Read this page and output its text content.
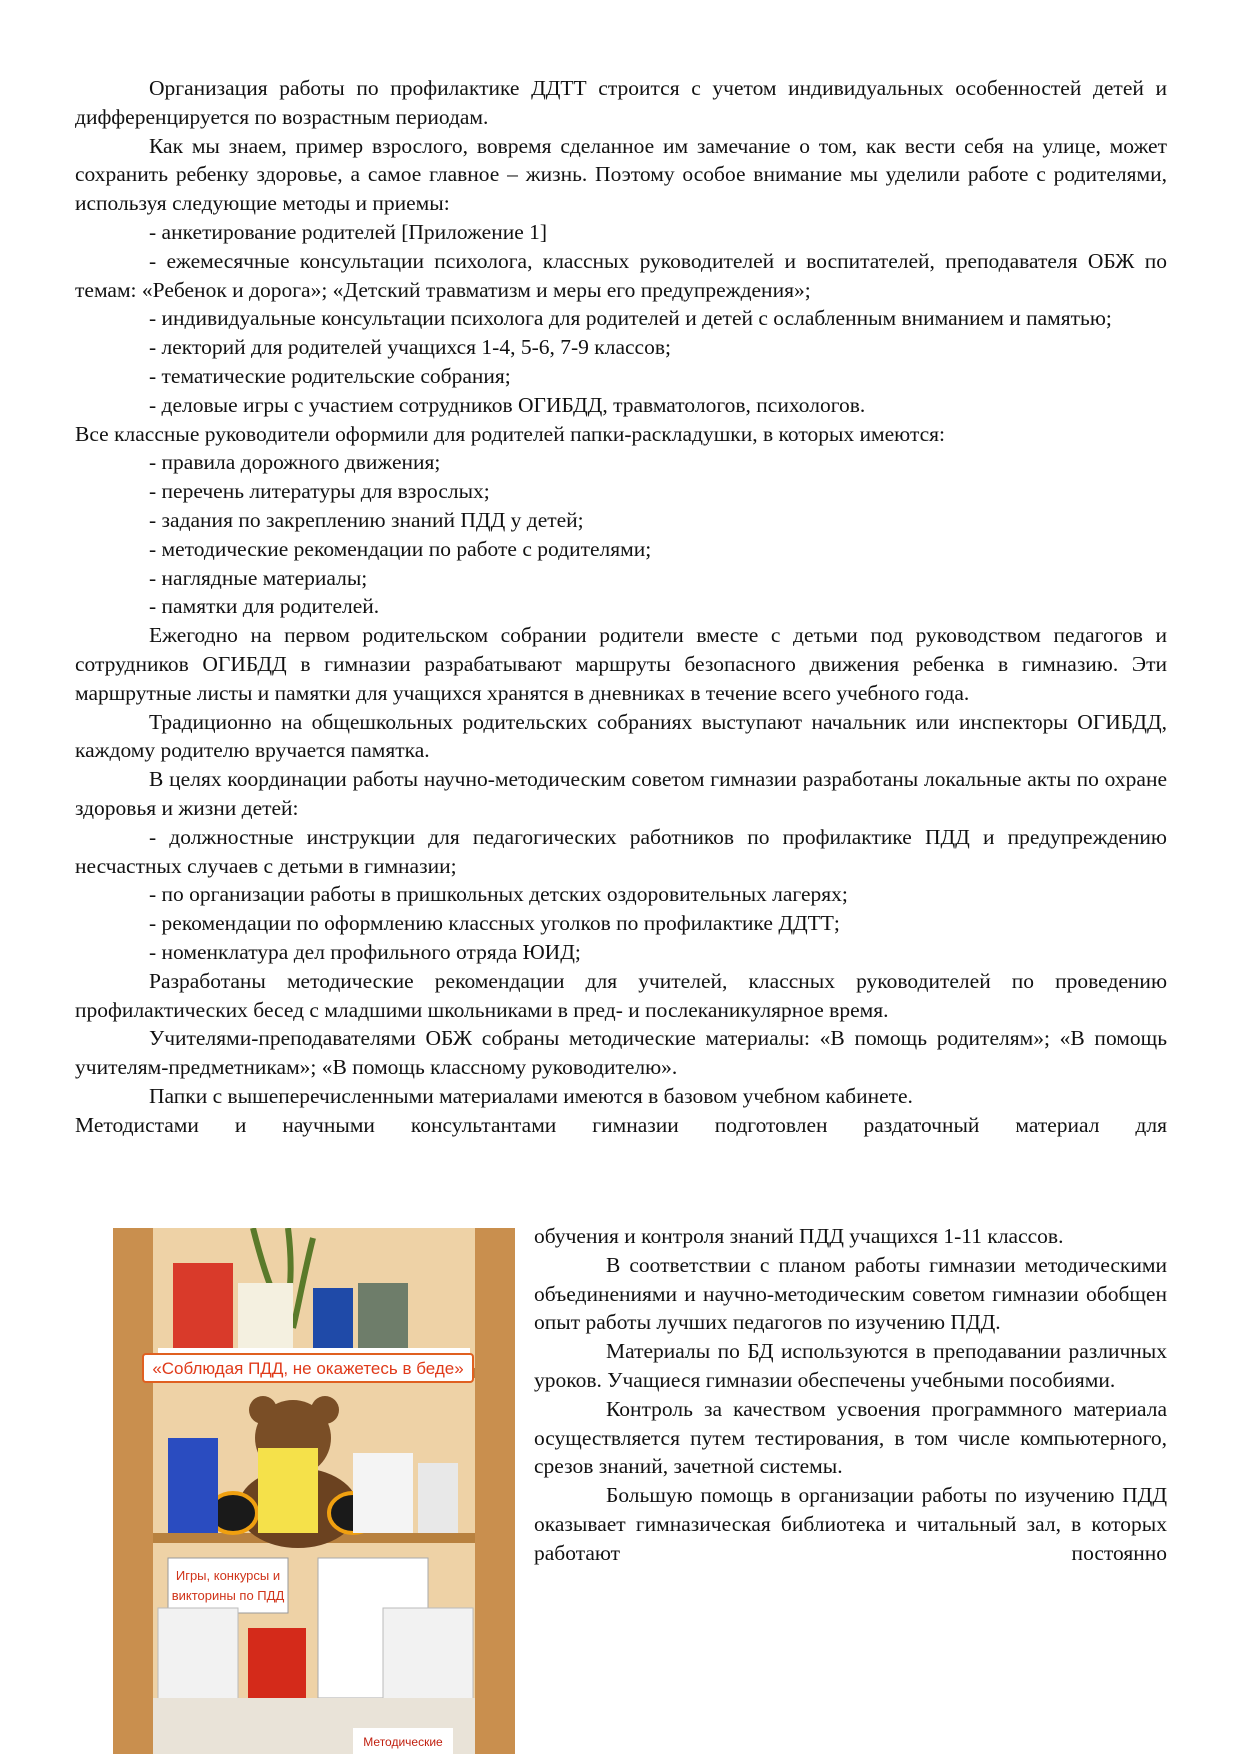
Организация работы по профилактике ДДТТ строится с учетом индивидуальных особенностей детей и дифференцируется по возрастным периодам.

Как мы знаем, пример взрослого, вовремя сделанное им замечание о том, как вести себя на улице, может сохранить ребенку здоровье, а самое главное – жизнь. Поэтому особое внимание мы уделили работе с родителями, используя следующие методы и приемы:

- анкетирование родителей [Приложение 1]

- ежемесячные консультации психолога, классных руководителей и воспитателей, преподавателя ОБЖ по темам: «Ребенок и дорога»; «Детский травматизм и меры его предупреждения»;

- индивидуальные консультации психолога для родителей и детей с ослабленным вниманием и памятью;

- лекторий для родителей учащихся 1-4, 5-6, 7-9 классов;

- тематические родительские собрания;

- деловые игры с участием сотрудников ОГИБДД, травматологов, психологов.

Все классные руководители оформили для родителей папки-раскладушки, в которых имеются:

- правила дорожного движения;

- перечень литературы для взрослых;

- задания по закреплению знаний ПДД у детей;

- методические рекомендации по работе с родителями;

- наглядные материалы;

- памятки для родителей.

Ежегодно на первом родительском собрании родители вместе с детьми под руководством педагогов и сотрудников ОГИБДД в гимназии разрабатывают маршруты безопасного движения ребенка в гимназию. Эти маршрутные листы и памятки для учащихся хранятся в дневниках в течение всего учебного года.

Традиционно на общешкольных родительских собраниях выступают начальник или инспекторы ОГИБДД, каждому родителю вручается памятка.

В целях координации работы научно-методическим советом гимназии разработаны локальные акты по охране здоровья и жизни детей:

- должностные инструкции для педагогических работников по профилактике ПДД и предупреждению несчастных случаев с детьми в гимназии;

- по организации работы в пришкольных детских оздоровительных лагерях;

- рекомендации по оформлению классных уголков по профилактике ДДТТ;

- номенклатура дел профильного отряда ЮИД;

Разработаны методические рекомендации для учителей, классных руководителей по проведению профилактических бесед с младшими школьниками в пред- и послеканикулярное время.

Учителями-преподавателями ОБЖ собраны методические материалы: «В помощь родителям»; «В помощь учителям-предметникам»; «В помощь классному руководителю».

Папки с вышеперечисленными материалами имеются в базовом учебном кабинете.

Методистами и научными консультантами гимназии подготовлен раздаточный материал для

«Соблюдая ПДД, не окажетесь в беде»
Игры, конкурсы и
викторины по ПДД
Методические

обучения и контроля знаний ПДД учащихся 1-11 классов.

В соответствии с планом работы гимназии методическими объединениями и научно-методическим советом гимназии обобщен опыт работы лучших педагогов по изучению ПДД.

Материалы по БД используются в преподавании различных уроков. Учащиеся гимназии обеспечены учебными пособиями.

Контроль за качеством усвоения программного материала осуществляется путем тестирования, в том числе компьютерного, срезов знаний, зачетной системы.

Большую помощь в организации работы по изучению ПДД оказывает гимназическая библиотека и читальный зал, в которых работают постоянно
